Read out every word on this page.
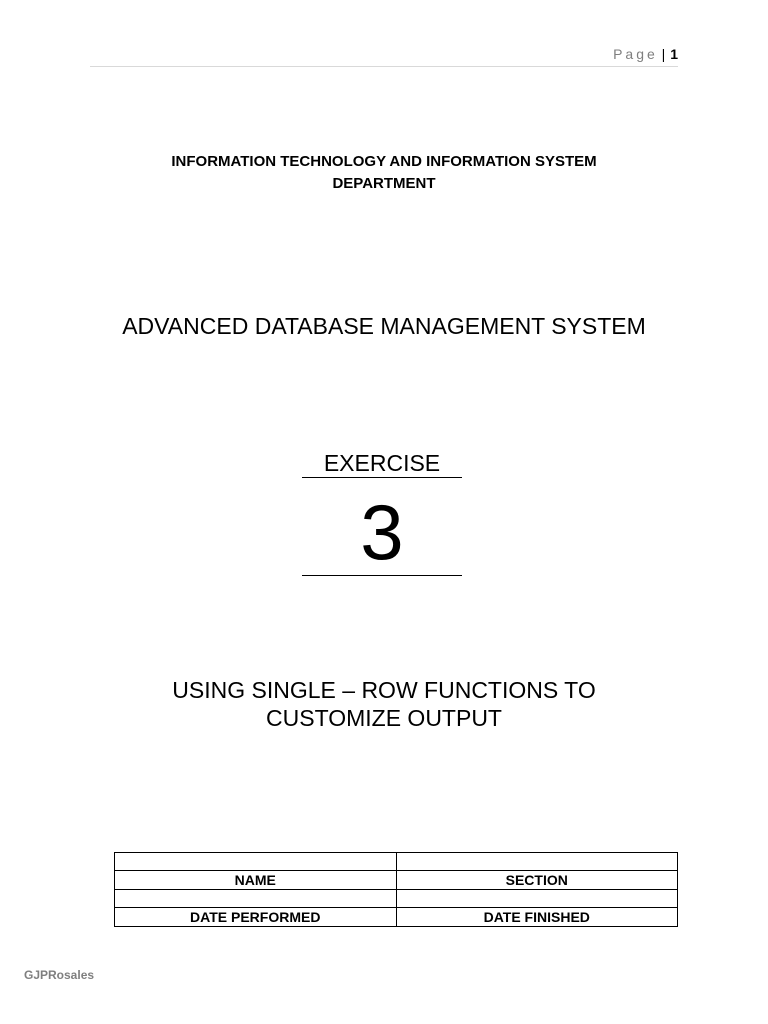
Page | 1
INFORMATION TECHNOLOGY AND INFORMATION SYSTEM
DEPARTMENT
ADVANCED DATABASE MANAGEMENT SYSTEM
EXERCISE
3
USING SINGLE – ROW FUNCTIONS TO
CUSTOMIZE OUTPUT

NAME	SECTION

DATE PERFORMED	DATE FINISHED
GJPRosales
